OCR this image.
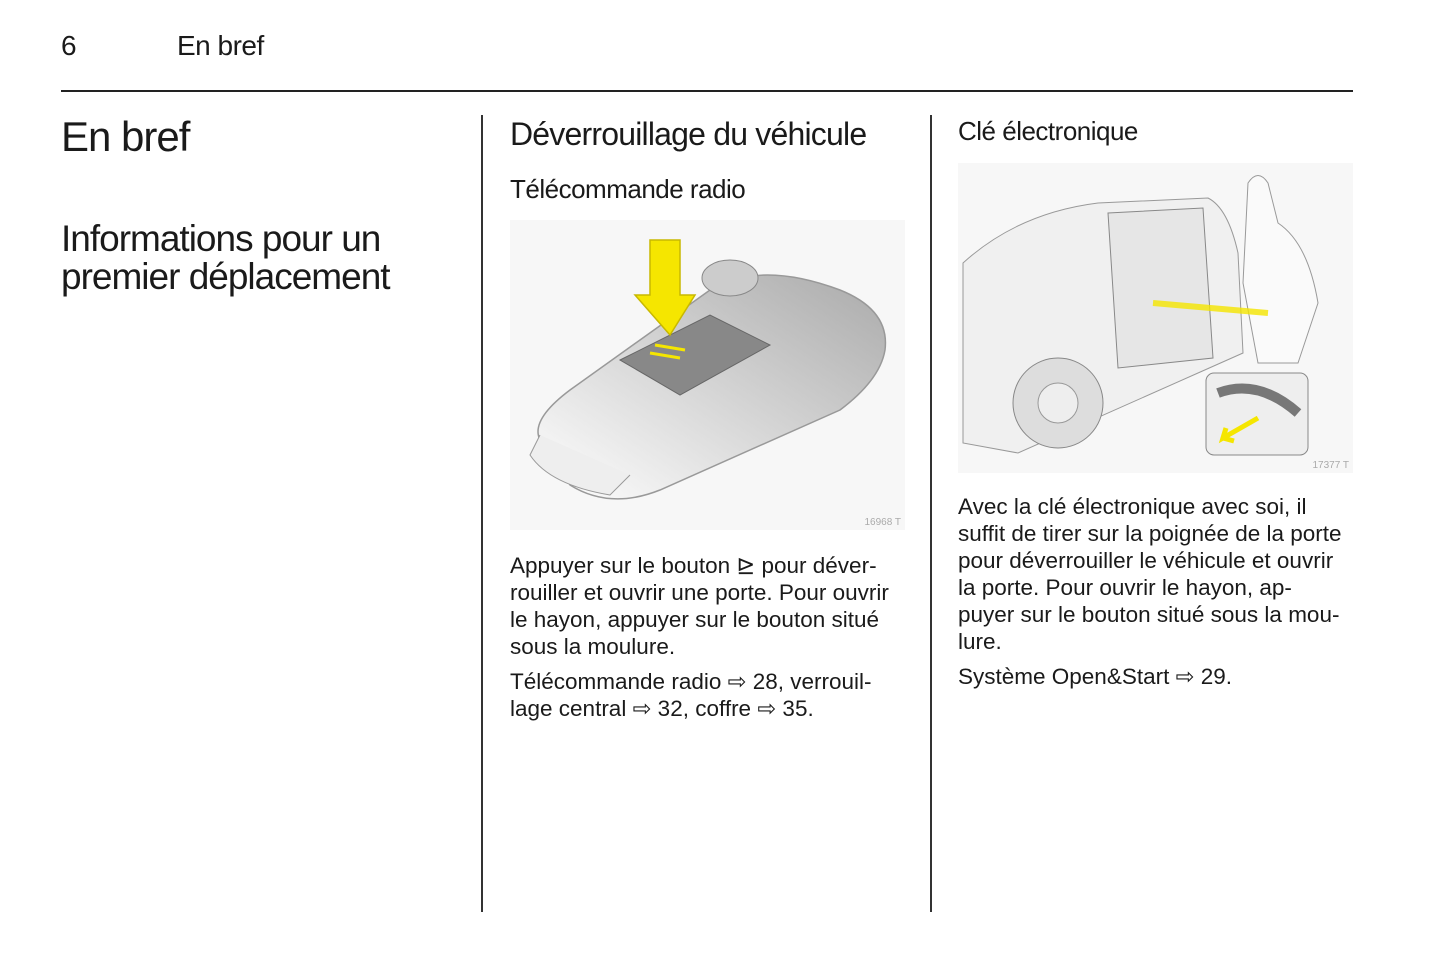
6	En bref
En bref
Informations pour un
premier déplacement
Déverrouillage du véhicule
Télécommande radio
16968 T
Appuyer sur le bouton ⊵ pour déver-
rouiller et ouvrir une porte. Pour ouvrir
le hayon, appuyer sur le bouton situé
sous la moulure.
Télécommande radio ⇨ 28, verrouil-
lage central ⇨ 32, coffre ⇨ 35.
Clé électronique
17377 T
Avec la clé électronique avec soi, il
suffit de tirer sur la poignée de la porte
pour déverrouiller le véhicule et ouvrir
la porte. Pour ouvrir le hayon, ap-
puyer sur le bouton situé sous la mou-
lure.
Système Open&Start ⇨ 29.
